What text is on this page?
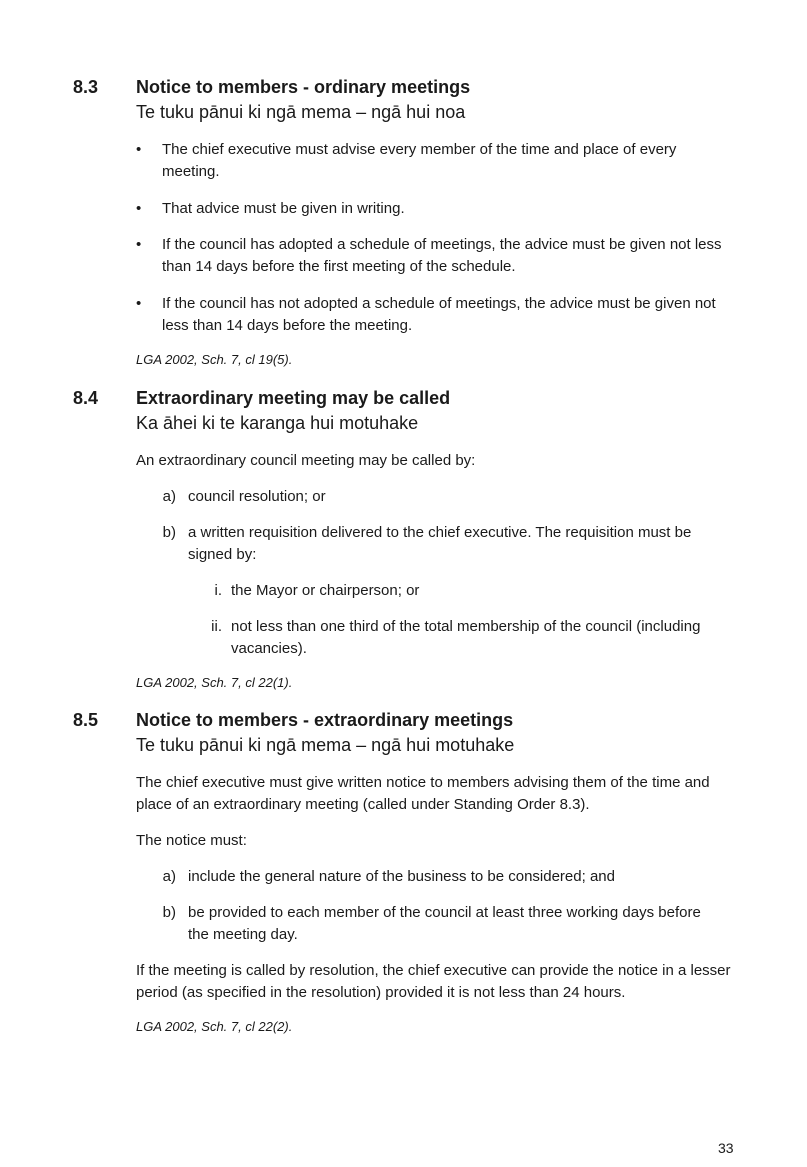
8.3 Notice to members - ordinary meetings
Te tuku pānui ki ngā mema – ngā hui noa
• The chief executive must advise every member of the time and place of every meeting.
• That advice must be given in writing.
• If the council has adopted a schedule of meetings, the advice must be given not less than 14 days before the first meeting of the schedule.
• If the council has not adopted a schedule of meetings, the advice must be given not less than 14 days before the meeting.
LGA 2002, Sch. 7, cl 19(5).
8.4 Extraordinary meeting may be called
Ka āhei ki te karanga hui motuhake

An extraordinary council meeting may be called by:

a) council resolution; or
b) a written requisition delivered to the chief executive. The requisition must be signed by:
i. the Mayor or chairperson; or
ii. not less than one third of the total membership of the council (including vacancies).
LGA 2002, Sch. 7, cl 22(1).
8.5 Notice to members - extraordinary meetings
Te tuku pānui ki ngā mema – ngā hui motuhake

The chief executive must give written notice to members advising them of the time and place of an extraordinary meeting (called under Standing Order 8.3).

The notice must:

a) include the general nature of the business to be considered; and
b) be provided to each member of the council at least three working days before the meeting day.

If the meeting is called by resolution, the chief executive can provide the notice in a lesser period (as specified in the resolution) provided it is not less than 24 hours.

LGA 2002, Sch. 7, cl 22(2).
33
